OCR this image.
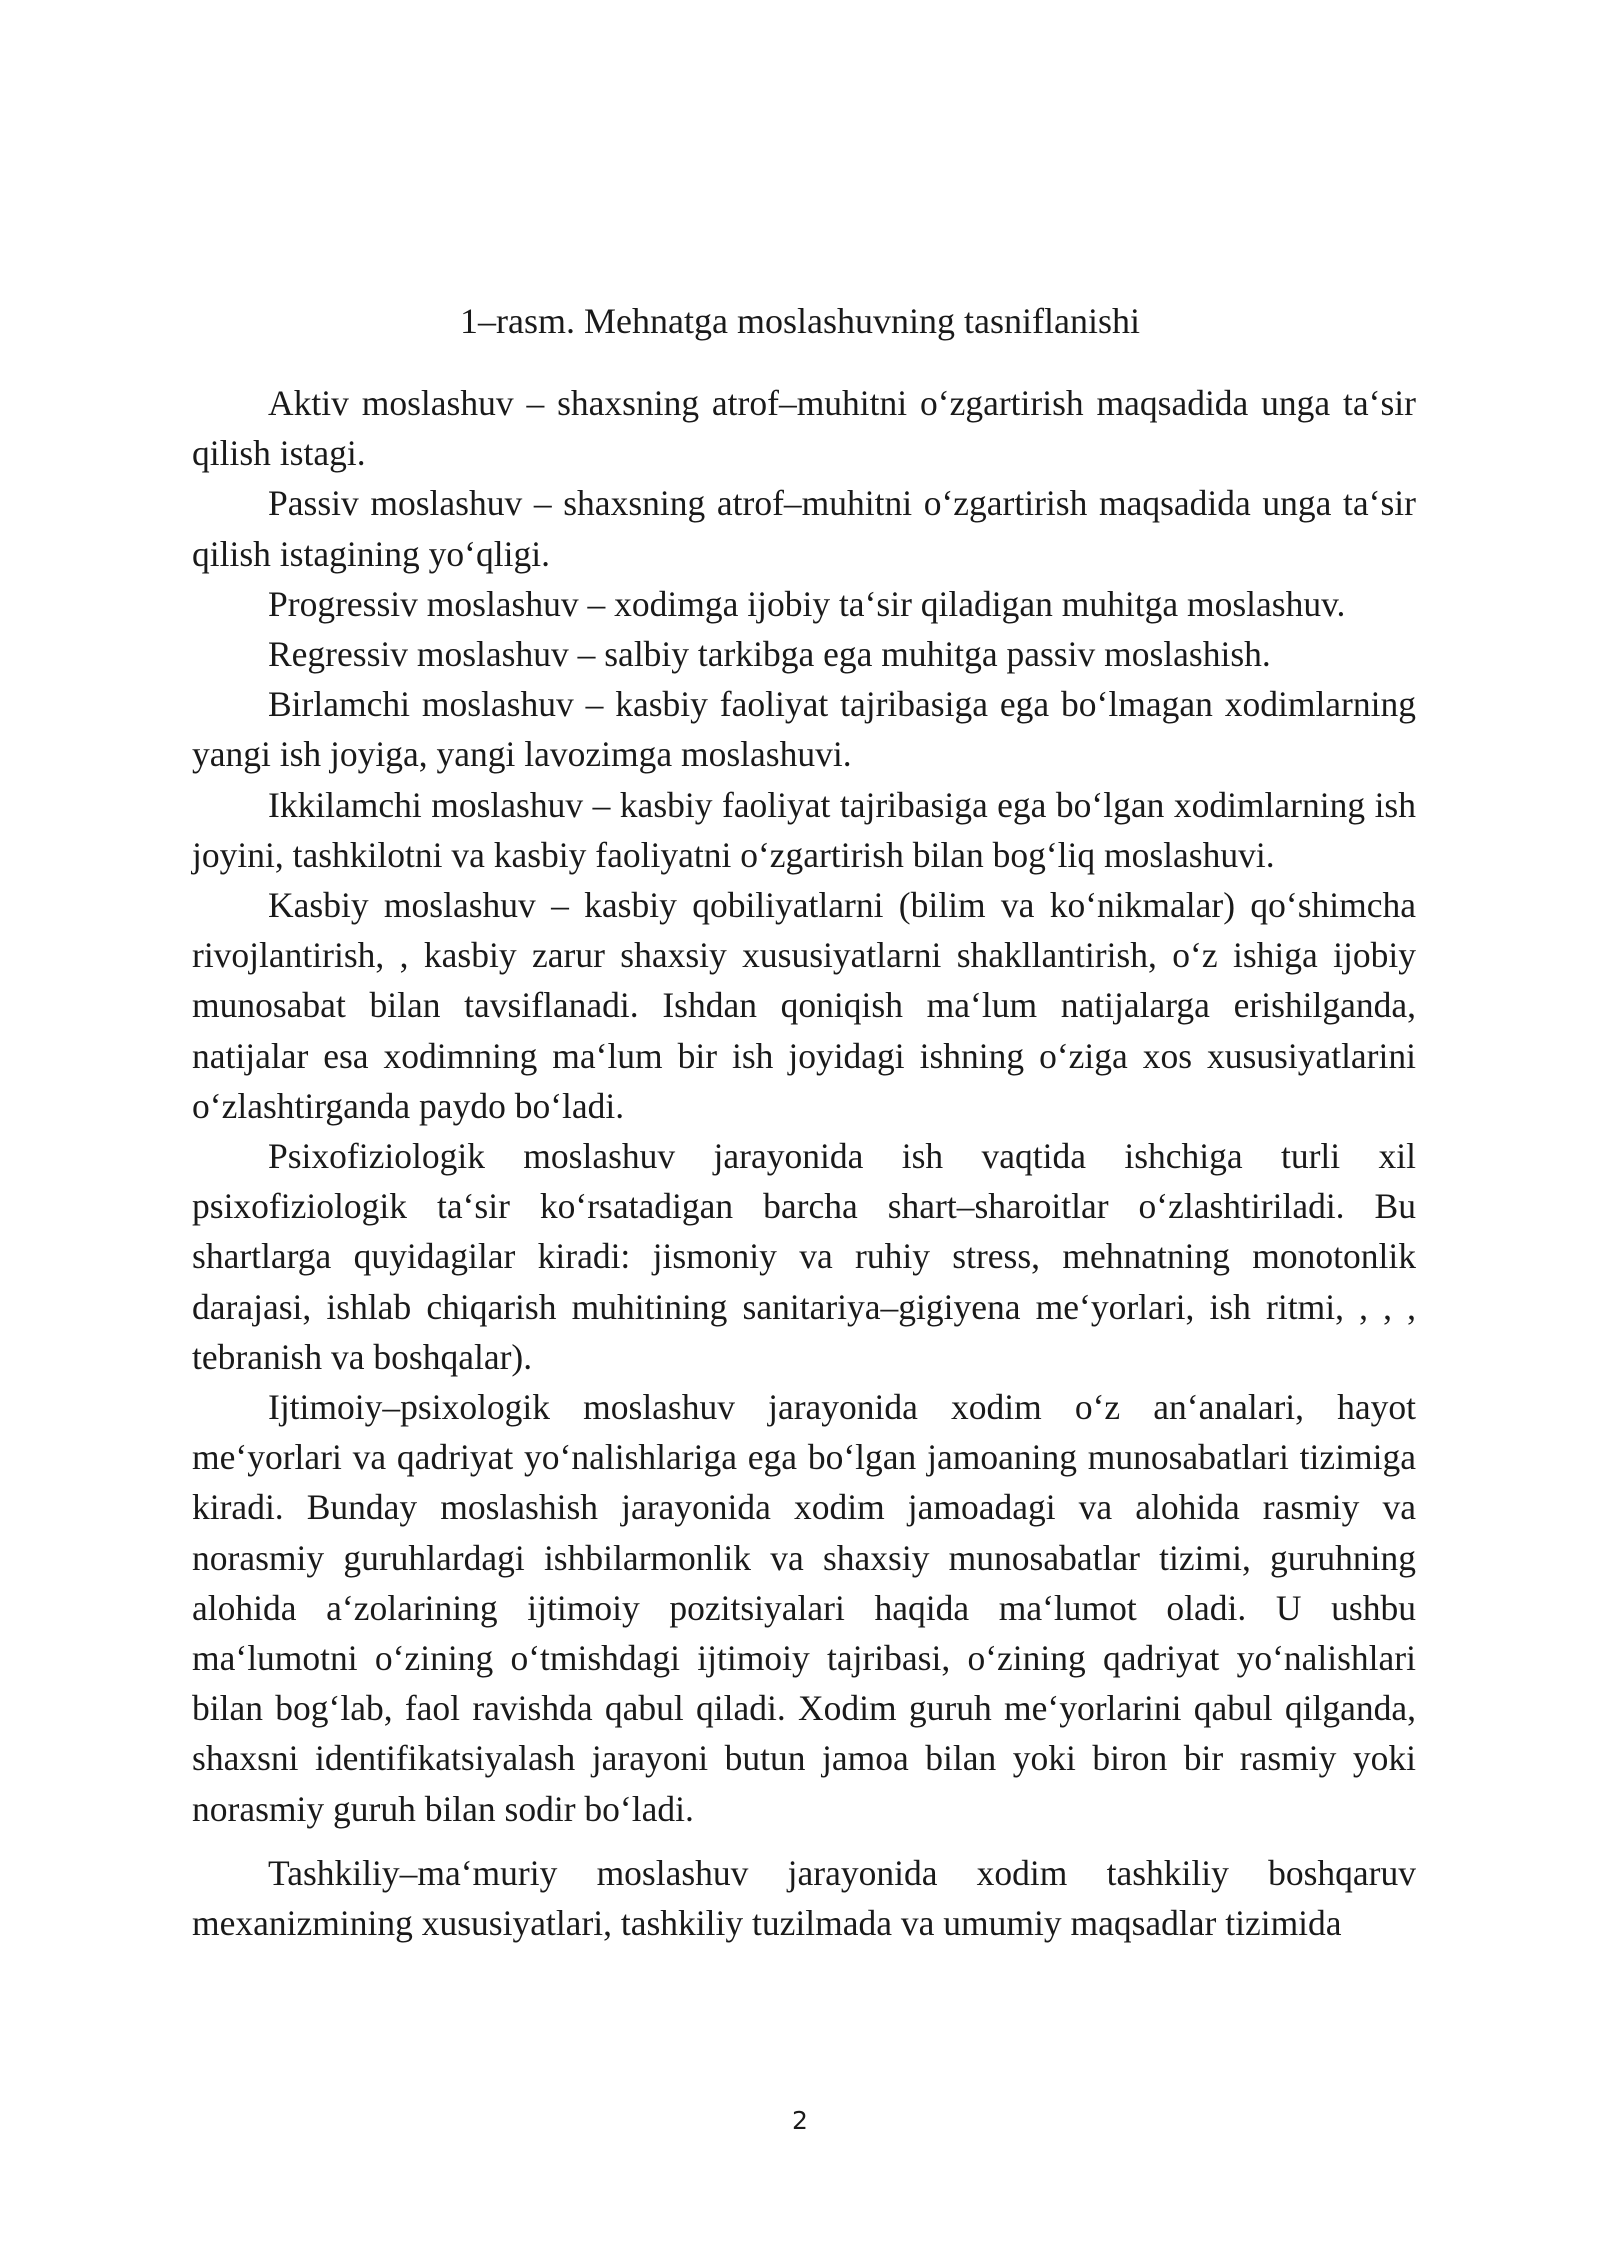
1–rasm. Mehnatga moslashuvning tasniflanishi

Aktiv moslashuv – shaxsning atrof–muhitni oʻzgartirish maqsadida unga taʻsir qilish istagi.

Passiv moslashuv – shaxsning atrof–muhitni oʻzgartirish maqsadida unga taʻsir qilish istagining yoʻqligi.

Progressiv moslashuv – xodimga ijobiy taʻsir qiladigan muhitga moslashuv.

Regressiv moslashuv – salbiy tarkibga ega muhitga passiv moslashish.

Birlamchi moslashuv – kasbiy faoliyat tajribasiga ega boʻlmagan xodimlarning yangi ish joyiga, yangi lavozimga moslashuvi.

Ikkilamchi moslashuv – kasbiy faoliyat tajribasiga ega boʻlgan xodimlarning ish joyini, tashkilotni va kasbiy faoliyatni oʻzgartirish bilan bogʻliq moslashuvi.

Kasbiy moslashuv – kasbiy qobiliyatlarni (bilim va koʻnikmalar) qoʻshimcha rivojlantirish, , kasbiy zarur shaxsiy xususiyatlarni shakllantirish, oʻz ishiga ijobiy munosabat bilan tavsiflanadi. Ishdan qoniqish maʻlum natijalarga erishilganda, natijalar esa xodimning maʻlum bir ish joyidagi ishning oʻziga xos xususiyatlarini oʻzlashtirganda paydo boʻladi.

Psixofiziologik moslashuv jarayonida ish vaqtida ishchiga turli xil psixofiziologik taʻsir koʻrsatadigan barcha shart–sharoitlar oʻzlashtiriladi. Bu shartlarga quyidagilar kiradi: jismoniy va ruhiy stress, mehnatning monotonlik darajasi, ishlab chiqarish muhitining sanitariya–gigiyena meʻyorlari, ish ritmi, , , , tebranish va boshqalar).

Ijtimoiy–psixologik moslashuv jarayonida xodim oʻz anʻanalari, hayot meʻyorlari va qadriyat yoʻnalishlariga ega boʻlgan jamoaning munosabatlari tizimiga kiradi. Bunday moslashish jarayonida xodim jamoadagi va alohida rasmiy va norasmiy guruhlardagi ishbilarmonlik va shaxsiy munosabatlar tizimi, guruhning alohida aʻzolarining ijtimoiy pozitsiyalari haqida maʻlumot oladi. U ushbu maʻlumotni oʻzining oʻtmishdagi ijtimoiy tajribasi, oʻzining qadriyat yoʻnalishlari bilan bogʻlab, faol ravishda qabul qiladi. Xodim guruh meʻyorlarini qabul qilganda, shaxsni identifikatsiyalash jarayoni butun jamoa bilan yoki biron bir rasmiy yoki norasmiy guruh bilan sodir boʻladi.

Tashkiliy–maʻmuriy moslashuv jarayonida xodim tashkiliy boshqaruv mexanizmining xususiyatlari, tashkiliy tuzilmada va umumiy maqsadlar tizimida

2
